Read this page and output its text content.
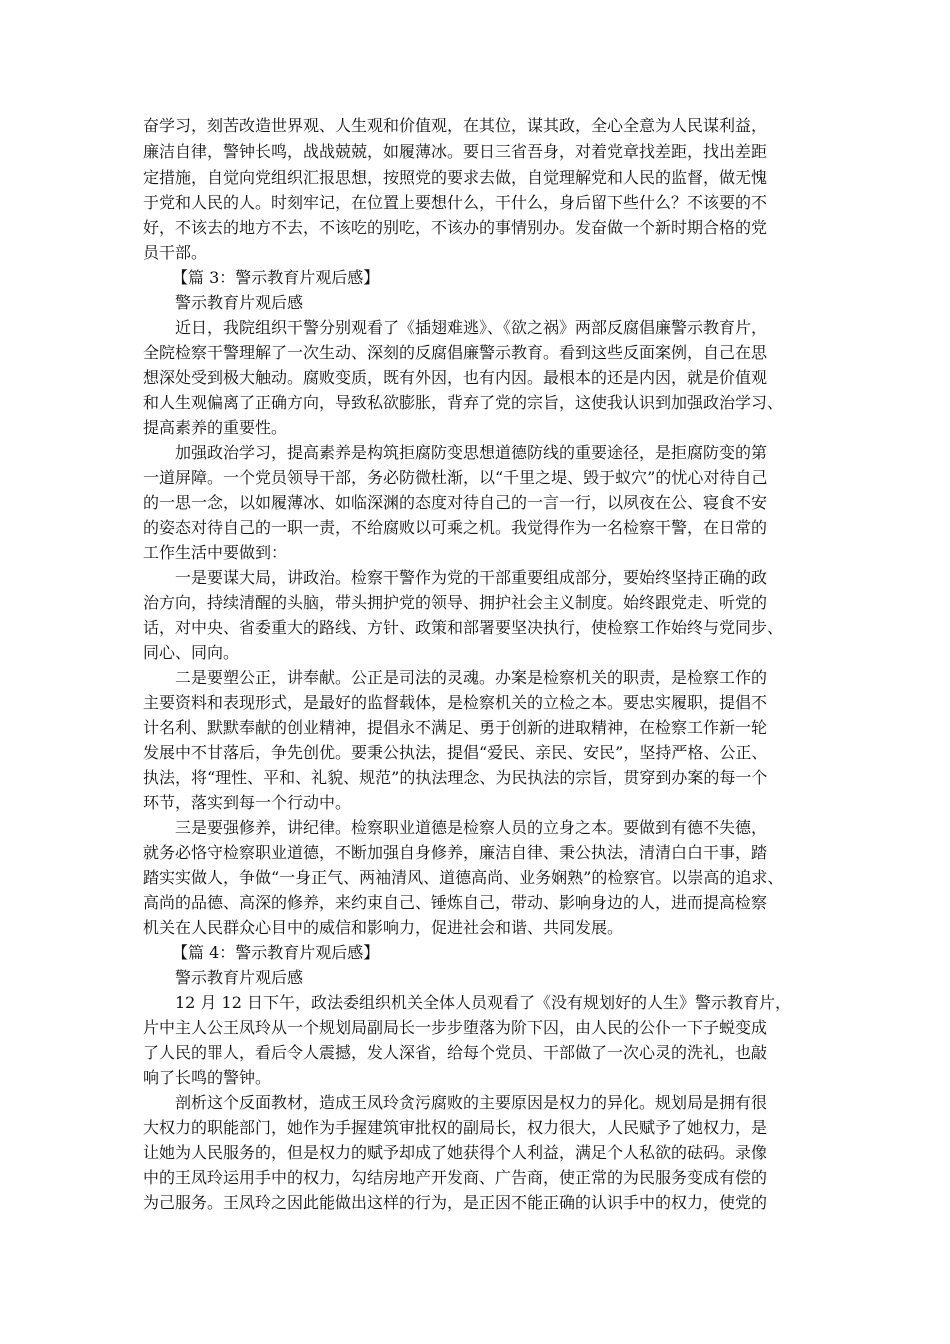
奋学习，刻苦改造世界观、人生观和价值观，在其位，谋其政，全心全意为人民谋利益，
廉洁自律，警钟长鸣，战战兢兢，如履薄冰。要日三省吾身，对着党章找差距，找出差距
定措施，自觉向党组织汇报思想，按照党的要求去做，自觉理解党和人民的监督，做无愧
于党和人民的人。时刻牢记，在位置上要想什么，干什么，身后留下些什么？不该要的不
好，不该去的地方不去，不该吃的别吃，不该办的事情别办。发奋做一个新时期合格的党
员干部。
【篇 3：警示教育片观后感】
警示教育片观后感
近日，我院组织干警分别观看了《插翅难逃》、《欲之祸》两部反腐倡廉警示教育片，
全院检察干警理解了一次生动、深刻的反腐倡廉警示教育。看到这些反面案例，自己在思
想深处受到极大触动。腐败变质，既有外因，也有内因。最根本的还是内因，就是价值观
和人生观偏离了正确方向，导致私欲膨胀，背弃了党的宗旨，这使我认识到加强政治学习、
提高素养的重要性。
加强政治学习，提高素养是构筑拒腐防变思想道德防线的重要途径，是拒腐防变的第
一道屏障。一个党员领导干部，务必防微杜渐，以“千里之堤、毁于蚁穴”的忧心对待自己
的一思一念，以如履薄冰、如临深渊的态度对待自己的一言一行，以夙夜在公、寝食不安
的姿态对待自己的一职一责，不给腐败以可乘之机。我觉得作为一名检察干警，在日常的
工作生活中要做到：
一是要谋大局，讲政治。检察干警作为党的干部重要组成部分，要始终坚持正确的政
治方向，持续清醒的头脑，带头拥护党的领导、拥护社会主义制度。始终跟党走、听党的
话，对中央、省委重大的路线、方针、政策和部署要坚决执行，使检察工作始终与党同步、
同心、同向。
二是要塑公正，讲奉献。公正是司法的灵魂。办案是检察机关的职责，是检察工作的
主要资料和表现形式，是最好的监督载体，是检察机关的立检之本。要忠实履职，提倡不
计名利、默默奉献的创业精神，提倡永不满足、勇于创新的进取精神，在检察工作新一轮
发展中不甘落后，争先创优。要秉公执法，提倡“爱民、亲民、安民”，坚持严格、公正、
执法，将“理性、平和、礼貌、规范”的执法理念、为民执法的宗旨，贯穿到办案的每一个
环节，落实到每一个行动中。
三是要强修养，讲纪律。检察职业道德是检察人员的立身之本。要做到有德不失德，
就务必恪守检察职业道德，不断加强自身修养，廉洁自律、秉公执法，清清白白干事，踏
踏实实做人，争做“一身正气、两袖清风、道德高尚、业务娴熟”的检察官。以崇高的追求、
高尚的品德、高深的修养，来约束自己、锤炼自己，带动、影响身边的人，进而提高检察
机关在人民群众心目中的威信和影响力，促进社会和谐、共同发展。
【篇 4：警示教育片观后感】
警示教育片观后感
12 月 12 日下午，政法委组织机关全体人员观看了《没有规划好的人生》警示教育片，
片中主人公王凤玲从一个规划局副局长一步步堕落为阶下囚，由人民的公仆一下子蜕变成
了人民的罪人，看后令人震撼，发人深省，给每个党员、干部做了一次心灵的洗礼，也敲
响了长鸣的警钟。
剖析这个反面教材，造成王凤玲贪污腐败的主要原因是权力的异化。规划局是拥有很
大权力的职能部门，她作为手握建筑审批权的副局长，权力很大，人民赋予了她权力，是
让她为人民服务的，但是权力的赋予却成了她获得个人利益，满足个人私欲的砝码。录像
中的王凤玲运用手中的权力，勾结房地产开发商、广告商，使正常的为民服务变成有偿的
为己服务。王凤玲之因此能做出这样的行为，是正因不能正确的认识手中的权力，使党的
